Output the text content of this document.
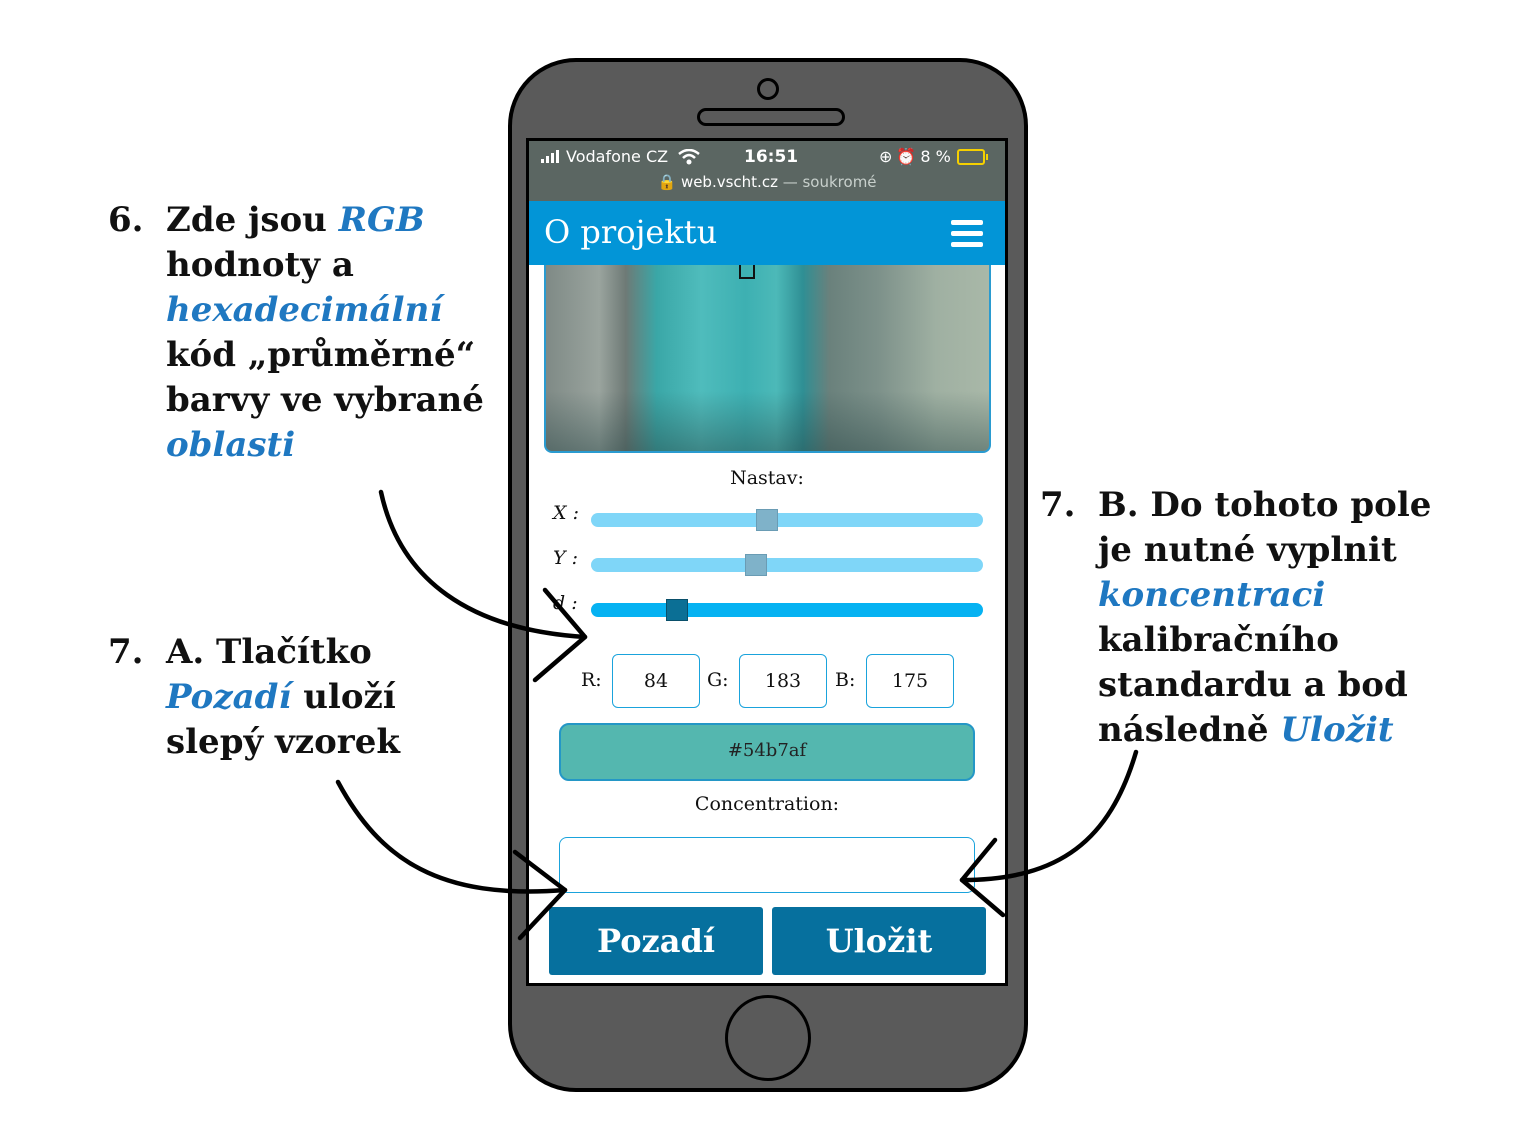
6. Zde jsou RGB
hodnoty a
hexadecimální
kód „průměrné“
barvy ve vybrané
oblasti
7. A. Tlačítko
Pozadí uloží
slepý vzorek
7. B. Do tohoto pole
je nutné vyplnit
koncentraci
kalibračního
standardu a bod
následně Uložit
Vodafone CZ	16:51	⊕ ⏰ 8 %
🔒 web.vscht.cz — soukromé
O projektu
Nastav:
X :
Y :
d :
R:	84	G:	183	B:	175
#54b7af
Concentration:
Pozadí	Uložit
